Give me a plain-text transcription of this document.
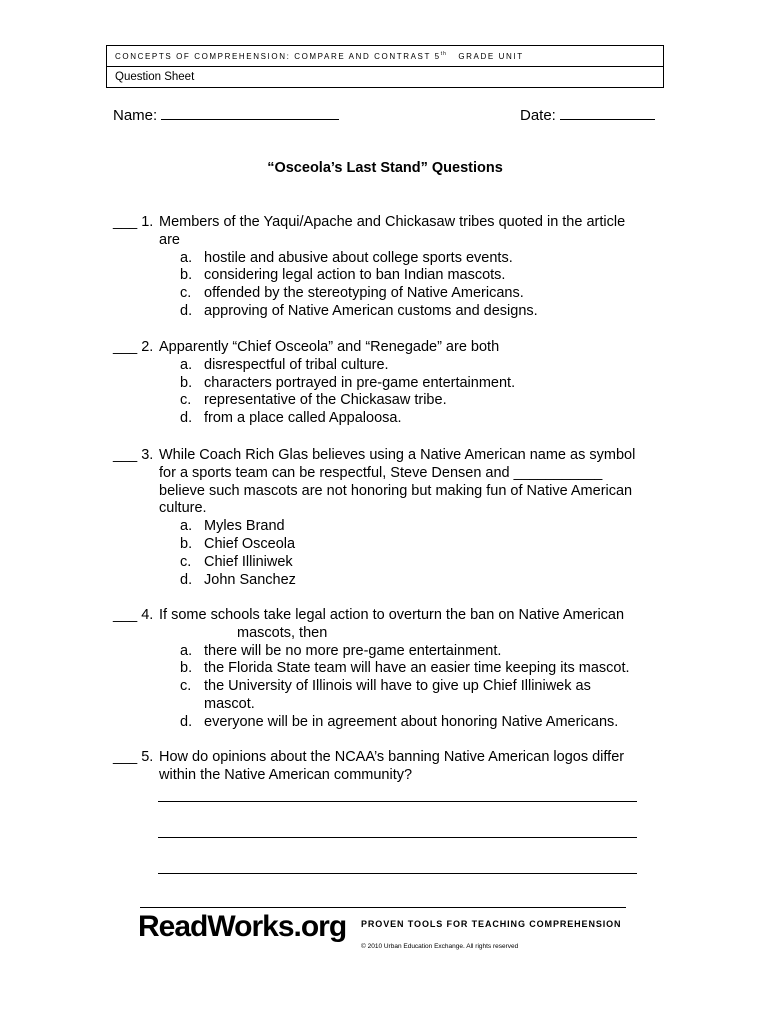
CONCEPTS OF COMPREHENSION: COMPARE AND CONTRAST 5th GRADE UNIT
Question Sheet
Name:	Date:
“Osceola’s Last Stand” Questions
___ 1. Members of the Yaqui/Apache and Chickasaw tribes quoted in the article
are
a. hostile and abusive about college sports events.
b. considering legal action to ban Indian mascots.
c. offended by the stereotyping of Native Americans.
d. approving of Native American customs and designs.
___ 2. Apparently “Chief Osceola” and “Renegade” are both
a. disrespectful of tribal culture.
b. characters portrayed in pre-game entertainment.
c. representative of the Chickasaw tribe.
d. from a place called Appaloosa.
___ 3. While Coach Rich Glas believes using a Native American name as symbol
for a sports team can be respectful, Steve Densen and ___________
believe such mascots are not honoring but making fun of Native American
culture.
a. Myles Brand
b. Chief Osceola
c. Chief Illiniwek
d. John Sanchez
___ 4. If some schools take legal action to overturn the ban on Native American
mascots, then
a. there will be no more pre-game entertainment.
b. the Florida State team will have an easier time keeping its mascot.
c. the University of Illinois will have to give up Chief Illiniwek as
mascot.
d. everyone will be in agreement about honoring Native Americans.
___ 5. How do opinions about the NCAA’s banning Native American logos differ
within the Native American community?
ReadWorks.org PROVEN TOOLS FOR TEACHING COMPREHENSION
© 2010 Urban Education Exchange. All rights reserved
